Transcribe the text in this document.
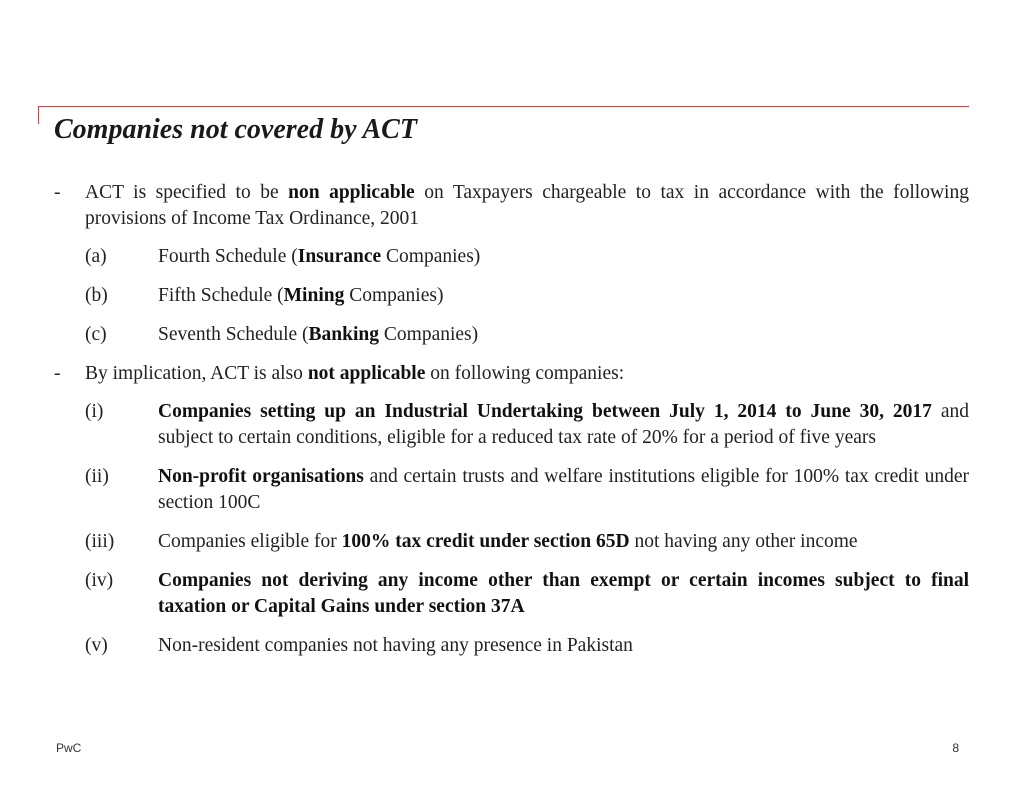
Companies not covered by ACT
-	ACT is specified to be non applicable on Taxpayers chargeable to tax in accordance with the following provisions of Income Tax Ordinance, 2001
(a)	Fourth Schedule (Insurance Companies)
(b)	Fifth Schedule (Mining Companies)
(c)	Seventh Schedule (Banking Companies)
-	By implication, ACT is also not applicable on following companies:
(i)	Companies setting up an Industrial Undertaking between July 1, 2014 to June 30, 2017 and subject to certain conditions, eligible for a reduced tax rate of 20% for a period of five years
(ii)	Non-profit organisations and certain trusts and welfare institutions eligible for 100% tax credit under section 100C
(iii) Companies eligible for 100% tax credit under section 65D not having any other income
(iv) Companies not deriving any income other than exempt or certain incomes subject to final taxation or Capital Gains under section 37A
(v)	Non-resident companies not having any presence in Pakistan
PwC	8
